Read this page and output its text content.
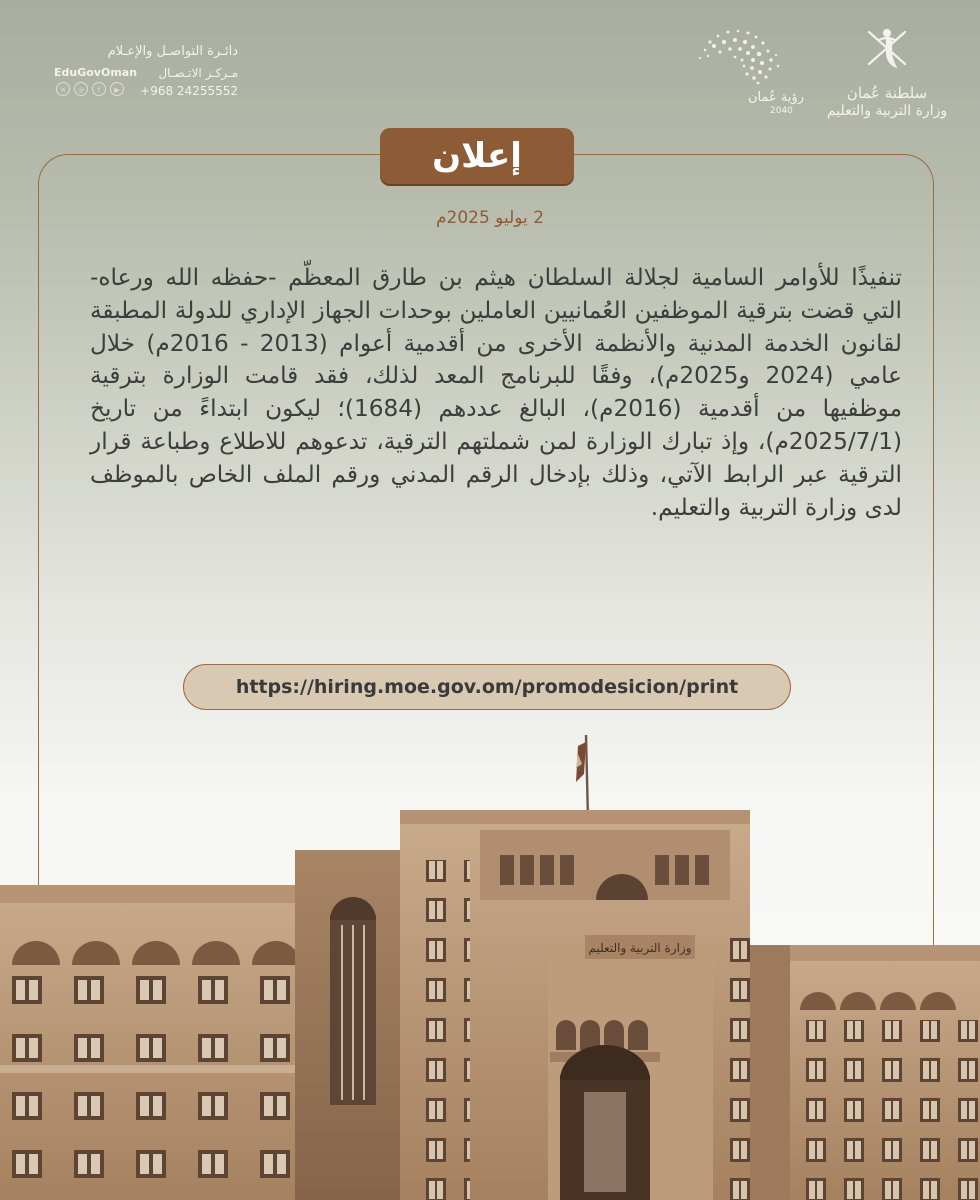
سلطنة عُمان
وزارة التربية والتعليم
رؤية عُمان
2040
دائـرة التواصـل والإعـلام
مـركـز الاتـصـال
EduGovOman
+968 24255552
✕	◎	f	▶
إعلان
2 يوليو 2025م
تنفيذًا للأوامر السامية لجلالة السلطان هيثم بن طارق المعظّم -حفظه الله ورعاه- التي قضت بترقية الموظفين العُمانيين العاملين بوحدات الجهاز الإداري للدولة المطبقة لقانون الخدمة المدنية والأنظمة الأخرى من أقدمية أعوام (2013 - 2016م) خلال عامي (2024 و2025م)، وفقًا للبرنامج المعد لذلك، فقد قامت الوزارة بترقية موظفيها من أقدمية (2016م)، البالغ عددهم (1684)؛ ليكون ابتداءً من تاريخ (2025/7/1م)، وإذ تبارك الوزارة لمن شملتهم الترقية، تدعوهم للاطلاع وطباعة قرار الترقية عبر الرابط الآتي، وذلك بإدخال الرقم المدني ورقم الملف الخاص بالموظف لدى وزارة التربية والتعليم.
https://hiring.moe.gov.om/promodesicion/print
وزارة التربية والتعليم
